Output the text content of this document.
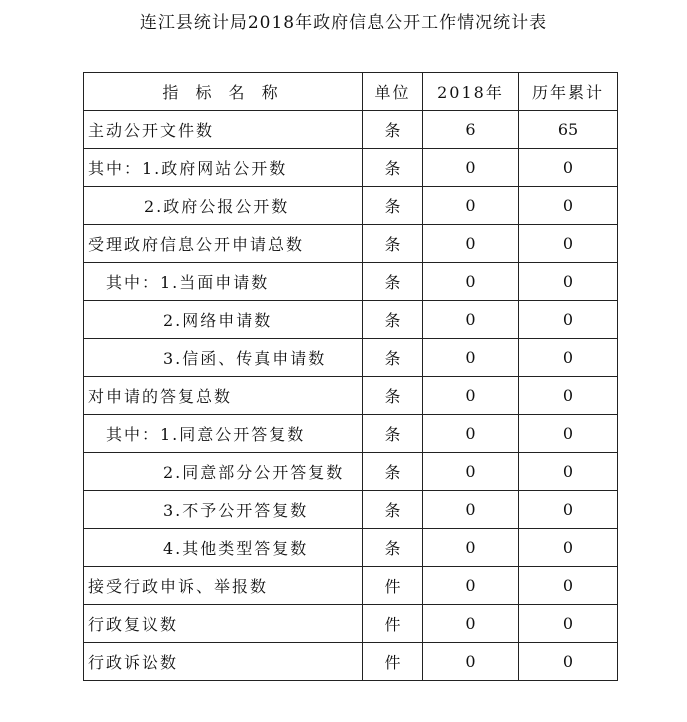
连江县统计局2018年政府信息公开工作情况统计表
指 标 名 称	单位	2018年	历年累计
主动公开文件数	条	6	65
其中：1.政府网站公开数	条	0	0
2.政府公报公开数	条	0	0
受理政府信息公开申请总数	条	0	0
其中：1.当面申请数	条	0	0
2.网络申请数	条	0	0
3.信函、传真申请数	条	0	0
对申请的答复总数	条	0	0
其中：1.同意公开答复数	条	0	0
2.同意部分公开答复数	条	0	0
3.不予公开答复数	条	0	0
4.其他类型答复数	条	0	0
接受行政申诉、举报数	件	0	0
行政复议数	件	0	0
行政诉讼数	件	0	0
